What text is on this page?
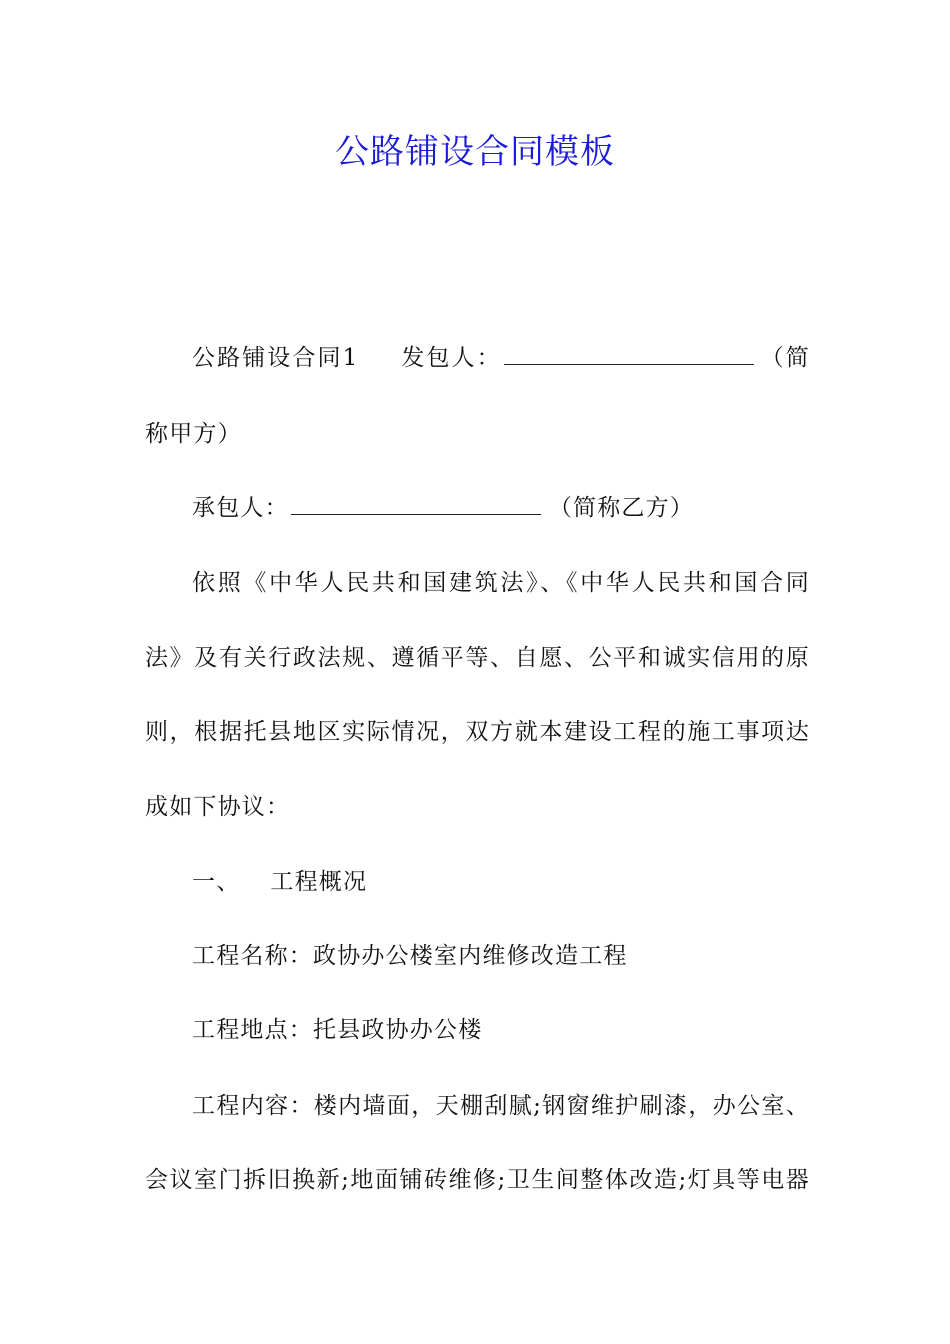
公路铺设合同模板
公路铺设合同1 发包人：	（简
称甲方）
承包人：	（简称乙方）
依照《中华人民共和国建筑法》、《中华人民共和国合同
法》及有关行政法规、遵循平等、自愿、公平和诚实信用的原
则，根据托县地区实际情况，双方就本建设工程的施工事项达
成如下协议：
一、 工程概况
工程名称：政协办公楼室内维修改造工程
工程地点：托县政协办公楼
工程内容：楼内墙面，天棚刮腻;钢窗维护刷漆，办公室、
会议室门拆旧换新;地面铺砖维修;卫生间整体改造;灯具等电器
